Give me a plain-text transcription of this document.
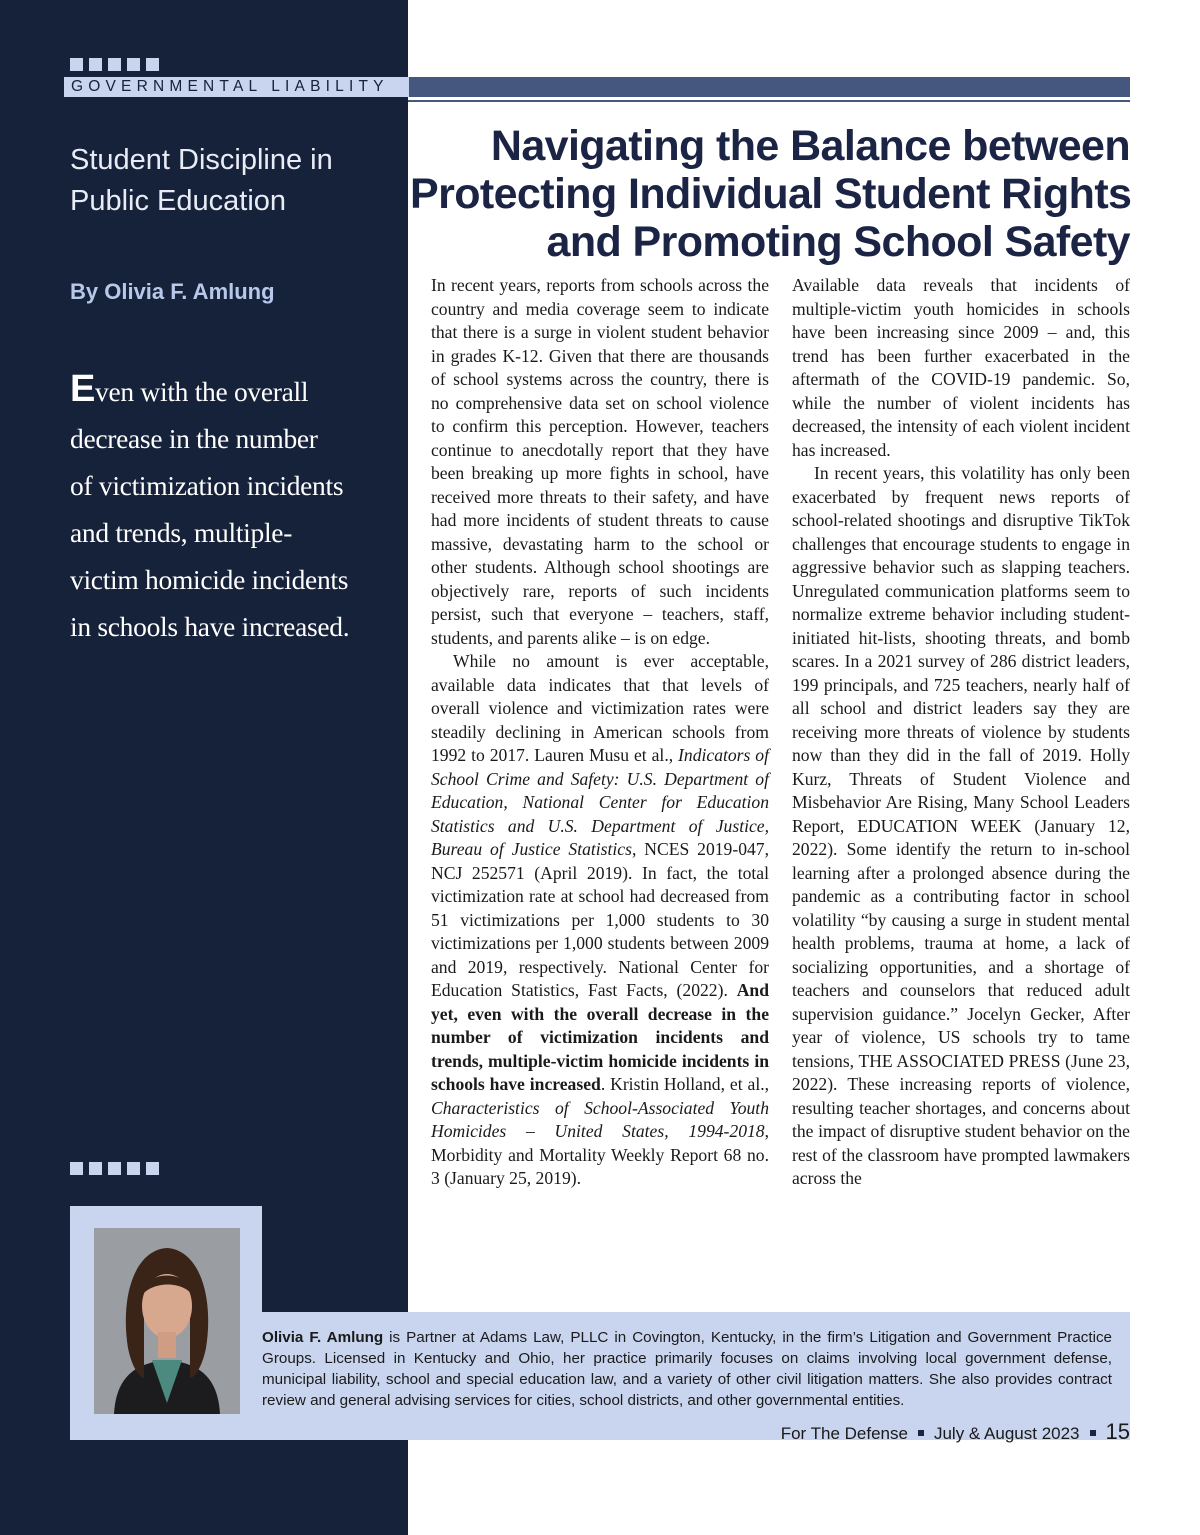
GOVERNMENTAL LIABILITY
Student Discipline in
Public Education
By Olivia F. Amlung
Even with the overall
decrease in the number
of victimization incidents
and trends, multiple-
victim homicide incidents
in schools have increased.
Navigating the Balance between
Protecting Individual Student Rights
and Promoting School Safety

In recent years, reports from schools across the country and media coverage seem to indicate that there is a surge in violent student behavior in grades K-12. Given that there are thousands of school systems across the country, there is no comprehensive data set on school violence to confirm this perception. However, teachers continue to anecdotally report that they have been breaking up more fights in school, have received more threats to their safety, and have had more incidents of student threats to cause massive, devastating harm to the school or other students. Although school shootings are objectively rare, reports of such incidents persist, such that everyone – teachers, staff, students, and parents alike – is on edge.

While no amount is ever acceptable, available data indicates that that levels of overall violence and victimization rates were steadily declining in American schools from 1992 to 2017. Lauren Musu et al., Indicators of School Crime and Safety: U.S. Department of Education, National Center for Education Statistics and U.S. Department of Justice, Bureau of Justice Statistics, NCES 2019-047, NCJ 252571 (April 2019). In fact, the total victimization rate at school had decreased from 51 victimizations per 1,000 students to 30 victimizations per 1,000 students between 2009 and 2019, respectively. National Center for Education Statistics, Fast Facts, (2022). And yet, even with the overall decrease in the number of victimization incidents and trends, multiple-victim homicide incidents in schools have increased. Kristin Holland, et al., Characteristics of School-Associated Youth Homicides – United States, 1994-2018, Morbidity and Mortality Weekly Report 68 no. 3 (January 25, 2019).

Available data reveals that incidents of multiple-victim youth homicides in schools have been increasing since 2009 – and, this trend has been further exacerbated in the aftermath of the COVID-19 pandemic. So, while the number of violent incidents has decreased, the intensity of each violent incident has increased.

In recent years, this volatility has only been exacerbated by frequent news reports of school-related shootings and disruptive TikTok challenges that encourage students to engage in aggressive behavior such as slapping teachers. Unregulated communication platforms seem to normalize extreme behavior including student-initiated hit-lists, shooting threats, and bomb scares. In a 2021 survey of 286 district leaders, 199 principals, and 725 teachers, nearly half of all school and district leaders say they are receiving more threats of violence by students now than they did in the fall of 2019. Holly Kurz, Threats of Student Violence and Misbehavior Are Rising, Many School Leaders Report, EDUCATION WEEK (January 12, 2022). Some identify the return to in-school learning after a prolonged absence during the pandemic as a contributing factor in school volatility “by causing a surge in student mental health problems, trauma at home, a lack of socializing opportunities, and a shortage of teachers and counselors that reduced adult supervision guidance.” Jocelyn Gecker, After year of violence, US schools try to tame tensions, THE ASSOCIATED PRESS (June 23, 2022). These increasing reports of violence, resulting teacher shortages, and concerns about the impact of disruptive student behavior on the rest of the classroom have prompted lawmakers across the

Olivia F. Amlung is Partner at Adams Law, PLLC in Covington, Kentucky, in the firm’s Litigation and Government Practice Groups. Licensed in Kentucky and Ohio, her practice primarily focuses on claims involving local government defense, municipal liability, school and special education law, and a variety of other civil litigation matters. She also provides contract review and general advising services for cities, school districts, and other governmental entities.
For The Defense July & August 2023 15
